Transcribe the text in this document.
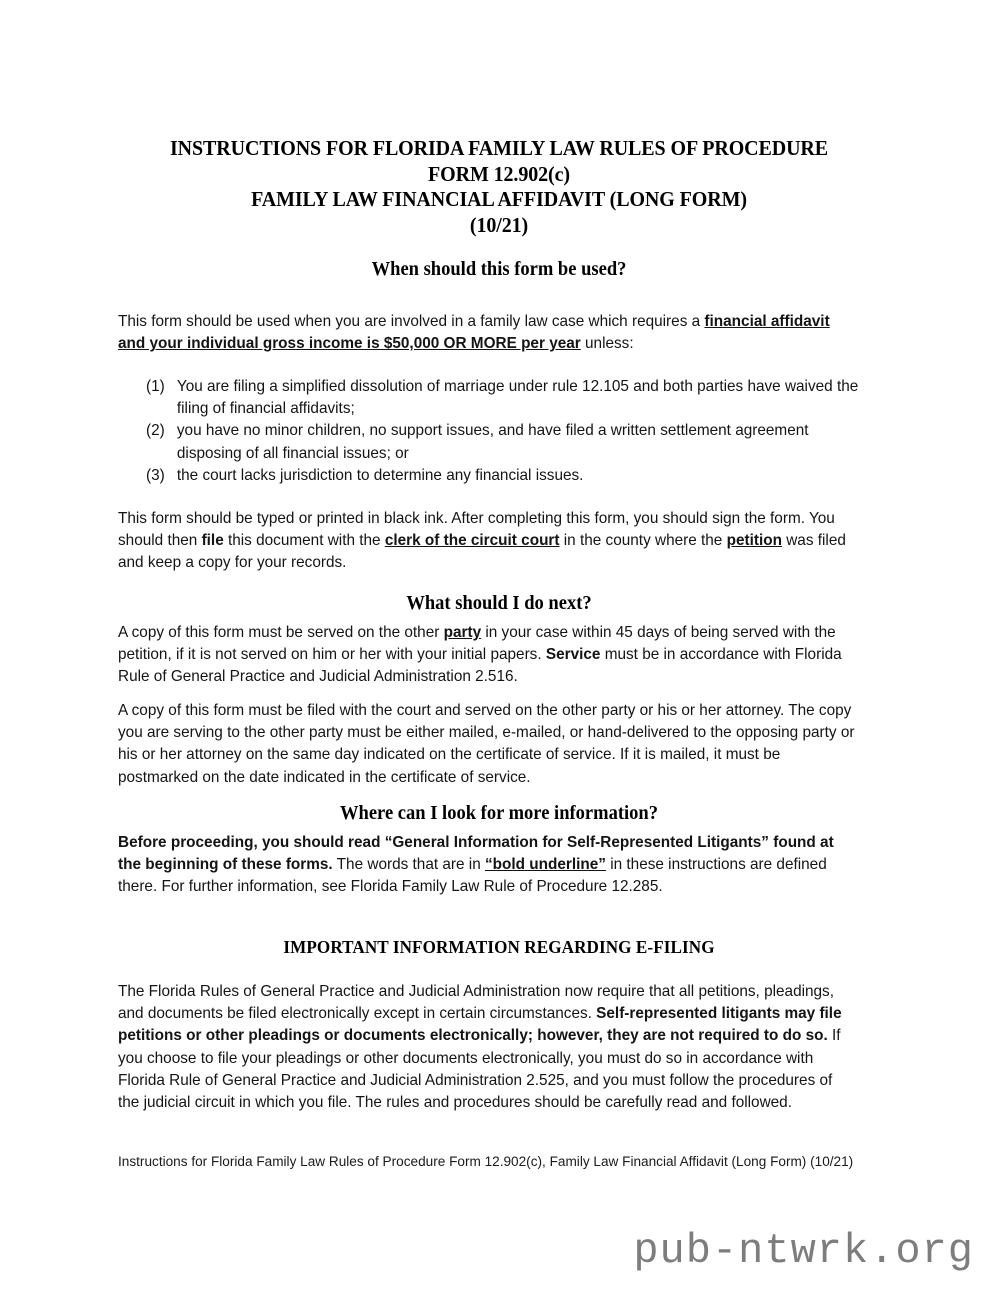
INSTRUCTIONS FOR FLORIDA FAMILY LAW RULES OF PROCEDURE
FORM 12.902(c)
FAMILY LAW FINANCIAL AFFIDAVIT (LONG FORM)
(10/21)
When should this form be used?
This form should be used when you are involved in a family law case which requires a financial affidavit and your individual gross income is $50,000 OR MORE per year unless:
(1) You are filing a simplified dissolution of marriage under rule 12.105 and both parties have waived the filing of financial affidavits;
(2) you have no minor children, no support issues, and have filed a written settlement agreement disposing of all financial issues; or
(3) the court lacks jurisdiction to determine any financial issues.
This form should be typed or printed in black ink. After completing this form, you should sign the form. You should then file this document with the clerk of the circuit court in the county where the petition was filed and keep a copy for your records.
What should I do next?
A copy of this form must be served on the other party in your case within 45 days of being served with the petition, if it is not served on him or her with your initial papers. Service must be in accordance with Florida Rule of General Practice and Judicial Administration 2.516.
A copy of this form must be filed with the court and served on the other party or his or her attorney. The copy you are serving to the other party must be either mailed, e-mailed, or hand-delivered to the opposing party or his or her attorney on the same day indicated on the certificate of service. If it is mailed, it must be postmarked on the date indicated in the certificate of service.
Where can I look for more information?
Before proceeding, you should read “General Information for Self-Represented Litigants” found at the beginning of these forms. The words that are in “bold underline” in these instructions are defined there. For further information, see Florida Family Law Rule of Procedure 12.285.
IMPORTANT INFORMATION REGARDING E-FILING
The Florida Rules of General Practice and Judicial Administration now require that all petitions, pleadings, and documents be filed electronically except in certain circumstances. Self-represented litigants may file petitions or other pleadings or documents electronically; however, they are not required to do so. If you choose to file your pleadings or other documents electronically, you must do so in accordance with Florida Rule of General Practice and Judicial Administration 2.525, and you must follow the procedures of the judicial circuit in which you file. The rules and procedures should be carefully read and followed.
Instructions for Florida Family Law Rules of Procedure Form 12.902(c), Family Law Financial Affidavit (Long Form) (10/21)
pub-ntwrk.org
